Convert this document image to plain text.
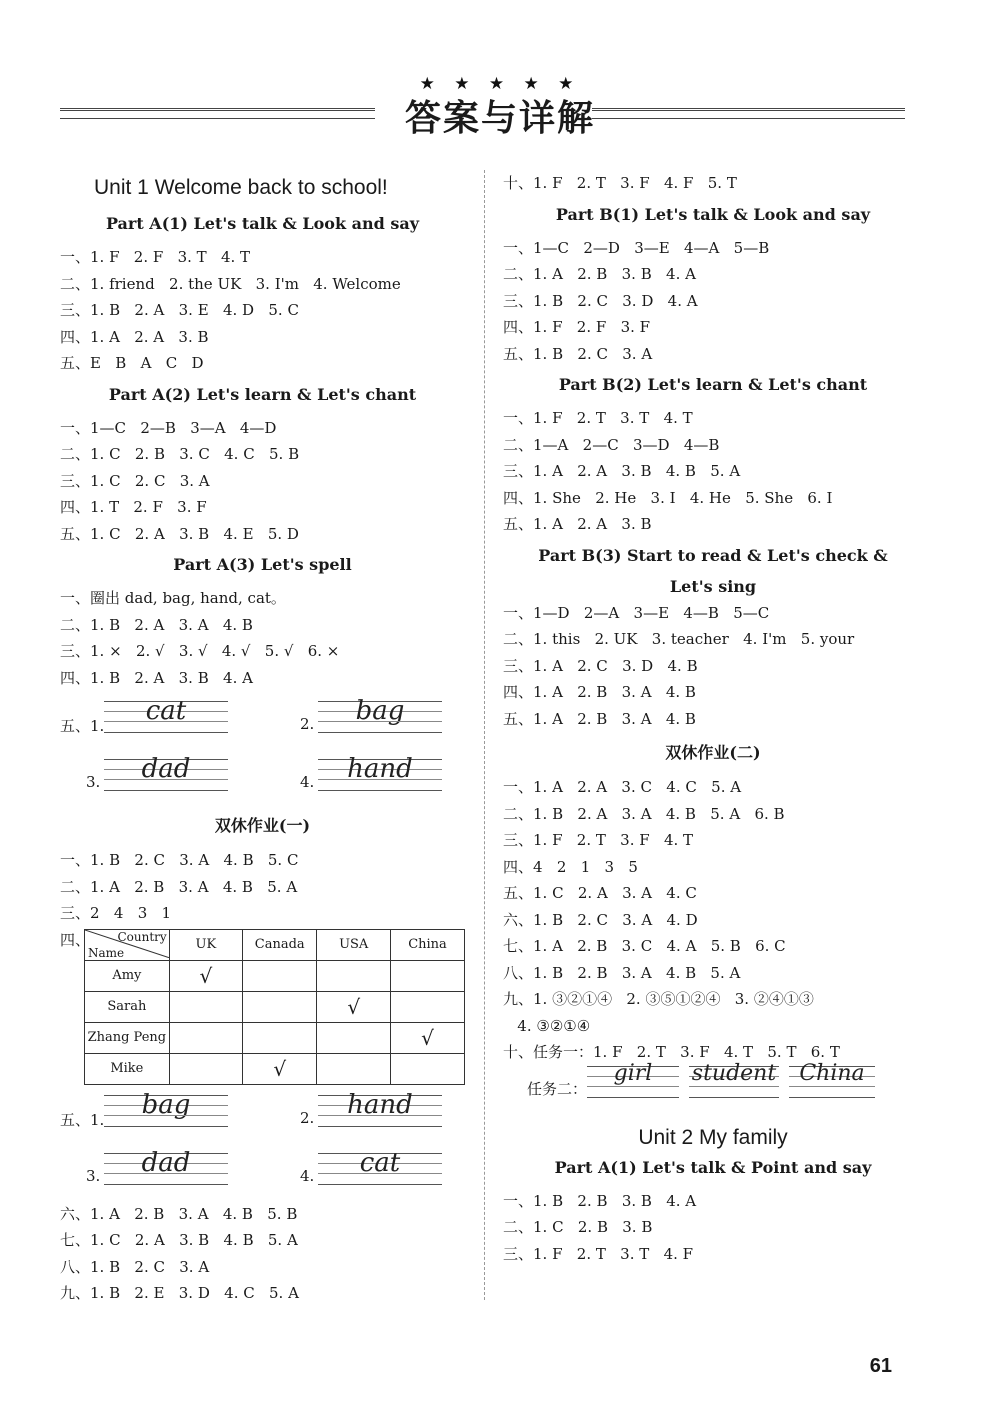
★ ★ ★ ★ ★
答案与详解
Unit 1 Welcome back to school!
Part A(1) Let's talk & Look and say
一、1. F   2. F   3. T   4. T
二、1. friend   2. the UK   3. I'm   4. Welcome
三、1. B   2. A   3. E   4. D   5. C
四、1. A   2. A   3. B
五、E   B   A   C   D
Part A(2) Let's learn & Let's chant
一、1—C   2—B   3—A   4—D
二、1. C   2. B   3. C   4. C   5. B
三、1. C   2. C   3. A
四、1. T   2. F   3. F
五、1. C   2. A   3. B   4. E   5. D
Part A(3) Let's spell
一、圈出 dad, bag, hand, cat。
二、1. B   2. A   3. A   4. B
三、1. ×   2. √   3. √   4. √   5. √   6. ×
四、1. B   2. A   3. B   4. A
五、1.	cat	2.	bag
3.	dad	4.	hand
双休作业(一)
一、1. B   2. C   3. A   4. B   5. C
二、1. A   2. B   3. A   4. B   5. A
三、2   4   3   1
四、 Country
Name	UK	Canada	USA	China
Amy	√			
Sarah			√	
Zhang Peng				√
Mike		√		
五、1.	bag	2.	hand
3.	dad	4.	cat
六、1. A   2. B   3. A   4. B   5. B
七、1. C   2. A   3. B   4. B   5. A
八、1. B   2. C   3. A
九、1. B   2. E   3. D   4. C   5. A
十、1. F   2. T   3. F   4. F   5. T
Part B(1) Let's talk & Look and say
一、1—C   2—D   3—E   4—A   5—B
二、1. A   2. B   3. B   4. A
三、1. B   2. C   3. D   4. A
四、1. F   2. F   3. F
五、1. B   2. C   3. A
Part B(2) Let's learn & Let's chant
一、1. F   2. T   3. T   4. T
二、1—A   2—C   3—D   4—B
三、1. A   2. A   3. B   4. B   5. A
四、1. She   2. He   3. I   4. He   5. She   6. I
五、1. A   2. A   3. B
Part B(3) Start to read & Let's check &
Let's sing
一、1—D   2—A   3—E   4—B   5—C
二、1. this   2. UK   3. teacher   4. I'm   5. your
三、1. A   2. C   3. D   4. B
四、1. A   2. B   3. A   4. B
五、1. A   2. B   3. A   4. B
双休作业(二)
一、1. A   2. A   3. C   4. C   5. A
二、1. B   2. A   3. A   4. B   5. A   6. B
三、1. F   2. T   3. F   4. T
四、4   2   1   3   5
五、1. C   2. A   3. A   4. C
六、1. B   2. C   3. A   4. D
七、1. A   2. B   3. C   4. A   5. B   6. C
八、1. B   2. B   3. A   4. B   5. A
九、1. ③②①④   2. ③⑤①②④   3. ②④①③
4. ③②①④
十、任务一：1. F   2. T   3. F   4. T   5. T   6. T
任务二：
girl	student	China
Unit 2 My family
Part A(1) Let's talk & Point and say
一、1. B   2. B   3. B   4. A
二、1. C   2. B   3. B
三、1. F   2. T   3. T   4. F
61
